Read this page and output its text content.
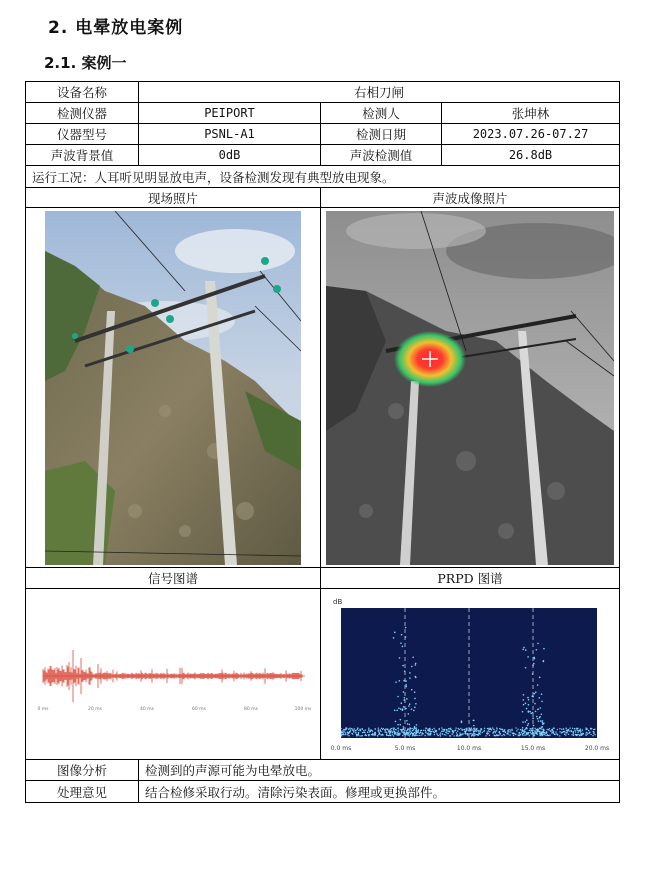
2. 电晕放电案例
2.1. 案例一
设备名称	右相刀闸
检测仪器	PEIPORT	检测人	张坤林
仪器型号	PSNL-A1	检测日期	2023.07.26-07.27
声波背景值	0dB	声波检测值	26.8dB
运行工况：人耳听见明显放电声，设备检测发现有典型放电现象。
现场照片	声波成像照片
信号图谱	PRPD 图谱
0 ms	20 ms	40 ms	60 ms	80 ms	100 ms
dB
0.0 ms	5.0 ms	10.0 ms	15.0 ms	20.0 ms
图像分析	检测到的声源可能为电晕放电。
处理意见	结合检修采取行动。清除污染表面。修理或更换部件。
